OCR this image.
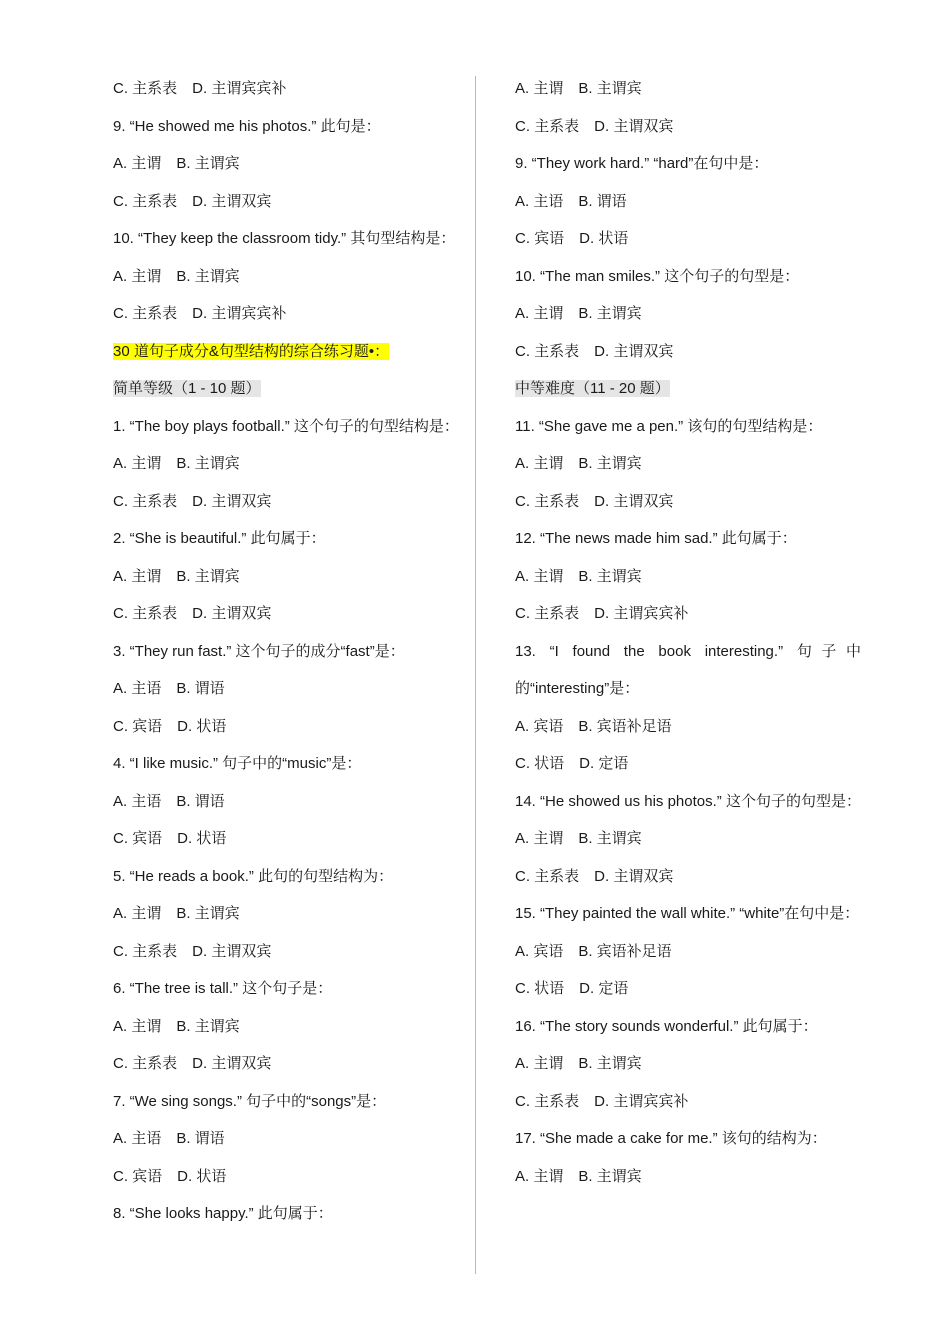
C. 主系表　D. 主谓宾宾补
9. “He showed me his photos.” 此句是：
A. 主谓　B. 主谓宾
C. 主系表　D. 主谓双宾
10. “They keep the classroom tidy.” 其句型结构是：
A. 主谓　B. 主谓宾
C. 主系表　D. 主谓宾宾补
30 道句子成分&句型结构的综合练习题•：
简单等级（1 - 10 题）
1. “The boy plays football.” 这个句子的句型结构是：
A. 主谓　B. 主谓宾
C. 主系表　D. 主谓双宾
2. “She is beautiful.” 此句属于：
A. 主谓　B. 主谓宾
C. 主系表　D. 主谓双宾
3. “They run fast.” 这个句子的成分“fast”是：
A. 主语　B. 谓语
C. 宾语　D. 状语
4. “I like music.” 句子中的“music”是：
A. 主语　B. 谓语
C. 宾语　D. 状语
5. “He reads a book.” 此句的句型结构为：
A. 主谓　B. 主谓宾
C. 主系表　D. 主谓双宾
6. “The tree is tall.” 这个句子是：
A. 主谓　B. 主谓宾
C. 主系表　D. 主谓双宾
7. “We sing songs.” 句子中的“songs”是：
A. 主语　B. 谓语
C. 宾语　D. 状语
8. “She looks happy.” 此句属于：
A. 主谓　B. 主谓宾
C. 主系表　D. 主谓双宾
9. “They work hard.” “hard”在句中是：
A. 主语　B. 谓语
C. 宾语　D. 状语
10. “The man smiles.” 这个句子的句型是：
A. 主谓　B. 主谓宾
C. 主系表　D. 主谓双宾
中等难度（11 - 20 题）
11. “She gave me a pen.” 该句的句型结构是：
A. 主谓　B. 主谓宾
C. 主系表　D. 主谓双宾
12. “The news made him sad.” 此句属于：
A. 主谓　B. 主谓宾
C. 主系表　D. 主谓宾宾补
13. “I found the book interesting.” 句子中的“interesting”是：
A. 宾语　B. 宾语补足语
C. 状语　D. 定语
14. “He showed us his photos.” 这个句子的句型是：
A. 主谓　B. 主谓宾
C. 主系表　D. 主谓双宾
15. “They painted the wall white.” “white”在句中是：
A. 宾语　B. 宾语补足语
C. 状语　D. 定语
16. “The story sounds wonderful.” 此句属于：
A. 主谓　B. 主谓宾
C. 主系表　D. 主谓宾宾补
17. “She made a cake for me.” 该句的结构为：
A. 主谓　B. 主谓宾
